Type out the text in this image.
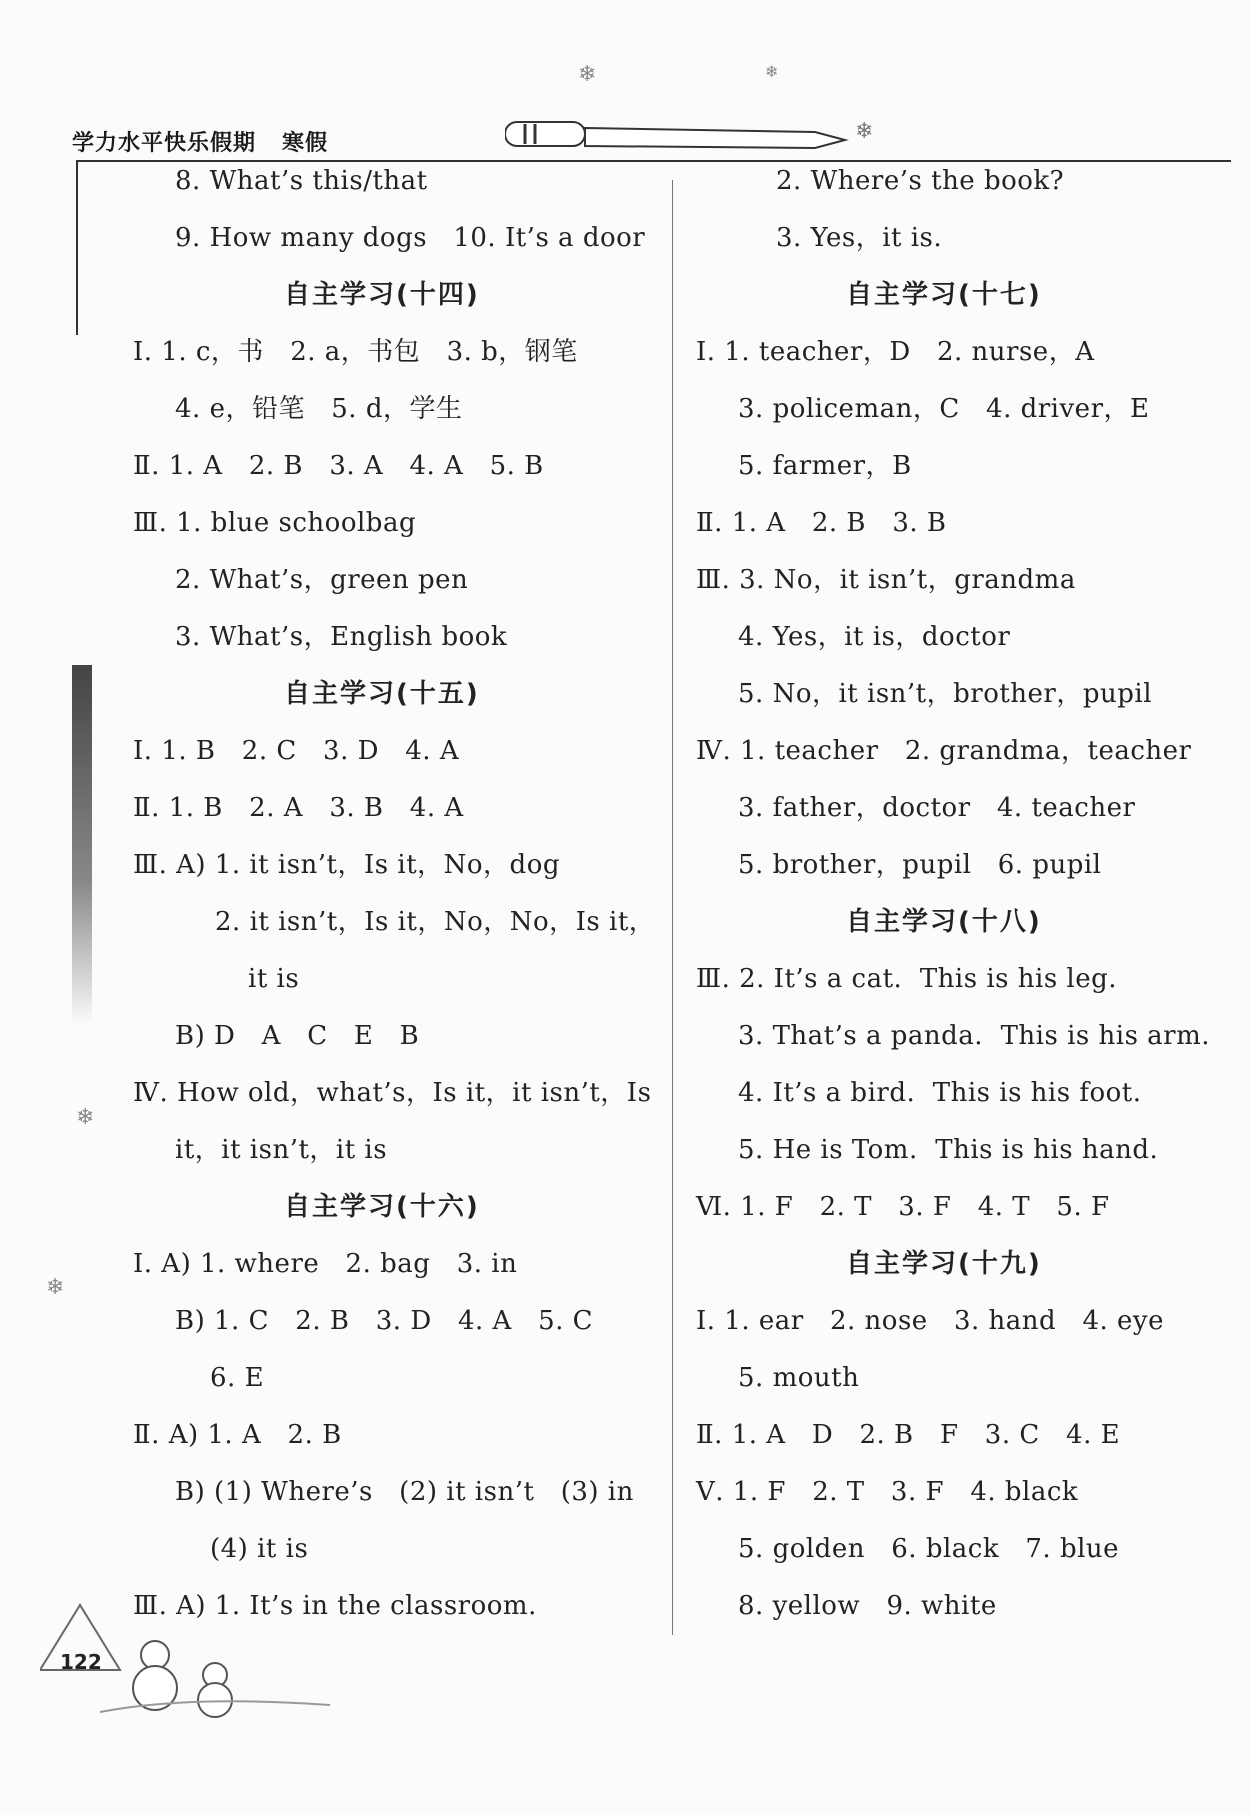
学力水平快乐假期 寒假	❄
❄	❄
❄
❄
8. What’s this/that
9. How many dogs   10. It’s a door
自主学习(十四)
Ⅰ. 1. c，书   2. a，书包   3. b，钢笔
4. e，铅笔   5. d，学生
Ⅱ. 1. A   2. B   3. A   4. A   5. B
Ⅲ. 1. blue schoolbag
2. What’s，green pen
3. What’s，English book
自主学习(十五)
Ⅰ. 1. B   2. C   3. D   4. A
Ⅱ. 1. B   2. A   3. B   4. A
Ⅲ. A) 1. it isn’t，Is it，No，dog
2. it isn’t，Is it，No，No，Is it，
it is
B) D   A   C   E   B
Ⅳ. How old，what’s，Is it，it isn’t，Is
it，it isn’t，it is
自主学习(十六)
Ⅰ. A) 1. where   2. bag   3. in
B) 1. C   2. B   3. D   4. A   5. C
6. E
Ⅱ. A) 1. A   2. B
B) (1) Where’s   (2) it isn’t   (3) in
(4) it is
Ⅲ. A) 1. It’s in the classroom.
2. Where’s the book?
3. Yes，it is.
自主学习(十七)
Ⅰ. 1. teacher，D   2. nurse，A
3. policeman，C   4. driver，E
5. farmer，B
Ⅱ. 1. A   2. B   3. B
Ⅲ. 3. No，it isn’t，grandma
4. Yes，it is，doctor
5. No，it isn’t，brother，pupil
Ⅳ. 1. teacher   2. grandma，teacher
3. father，doctor   4. teacher
5. brother，pupil   6. pupil
自主学习(十八)
Ⅲ. 2. It’s a cat.  This is his leg.
3. That’s a panda.  This is his arm.
4. It’s a bird.  This is his foot.
5. He is Tom.  This is his hand.
Ⅵ. 1. F   2. T   3. F   4. T   5. F
自主学习(十九)
Ⅰ. 1. ear   2. nose   3. hand   4. eye
5. mouth
Ⅱ. 1. A   D   2. B   F   3. C   4. E
Ⅴ. 1. F   2. T   3. F   4. black
5. golden   6. black   7. blue
8. yellow   9. white
122
